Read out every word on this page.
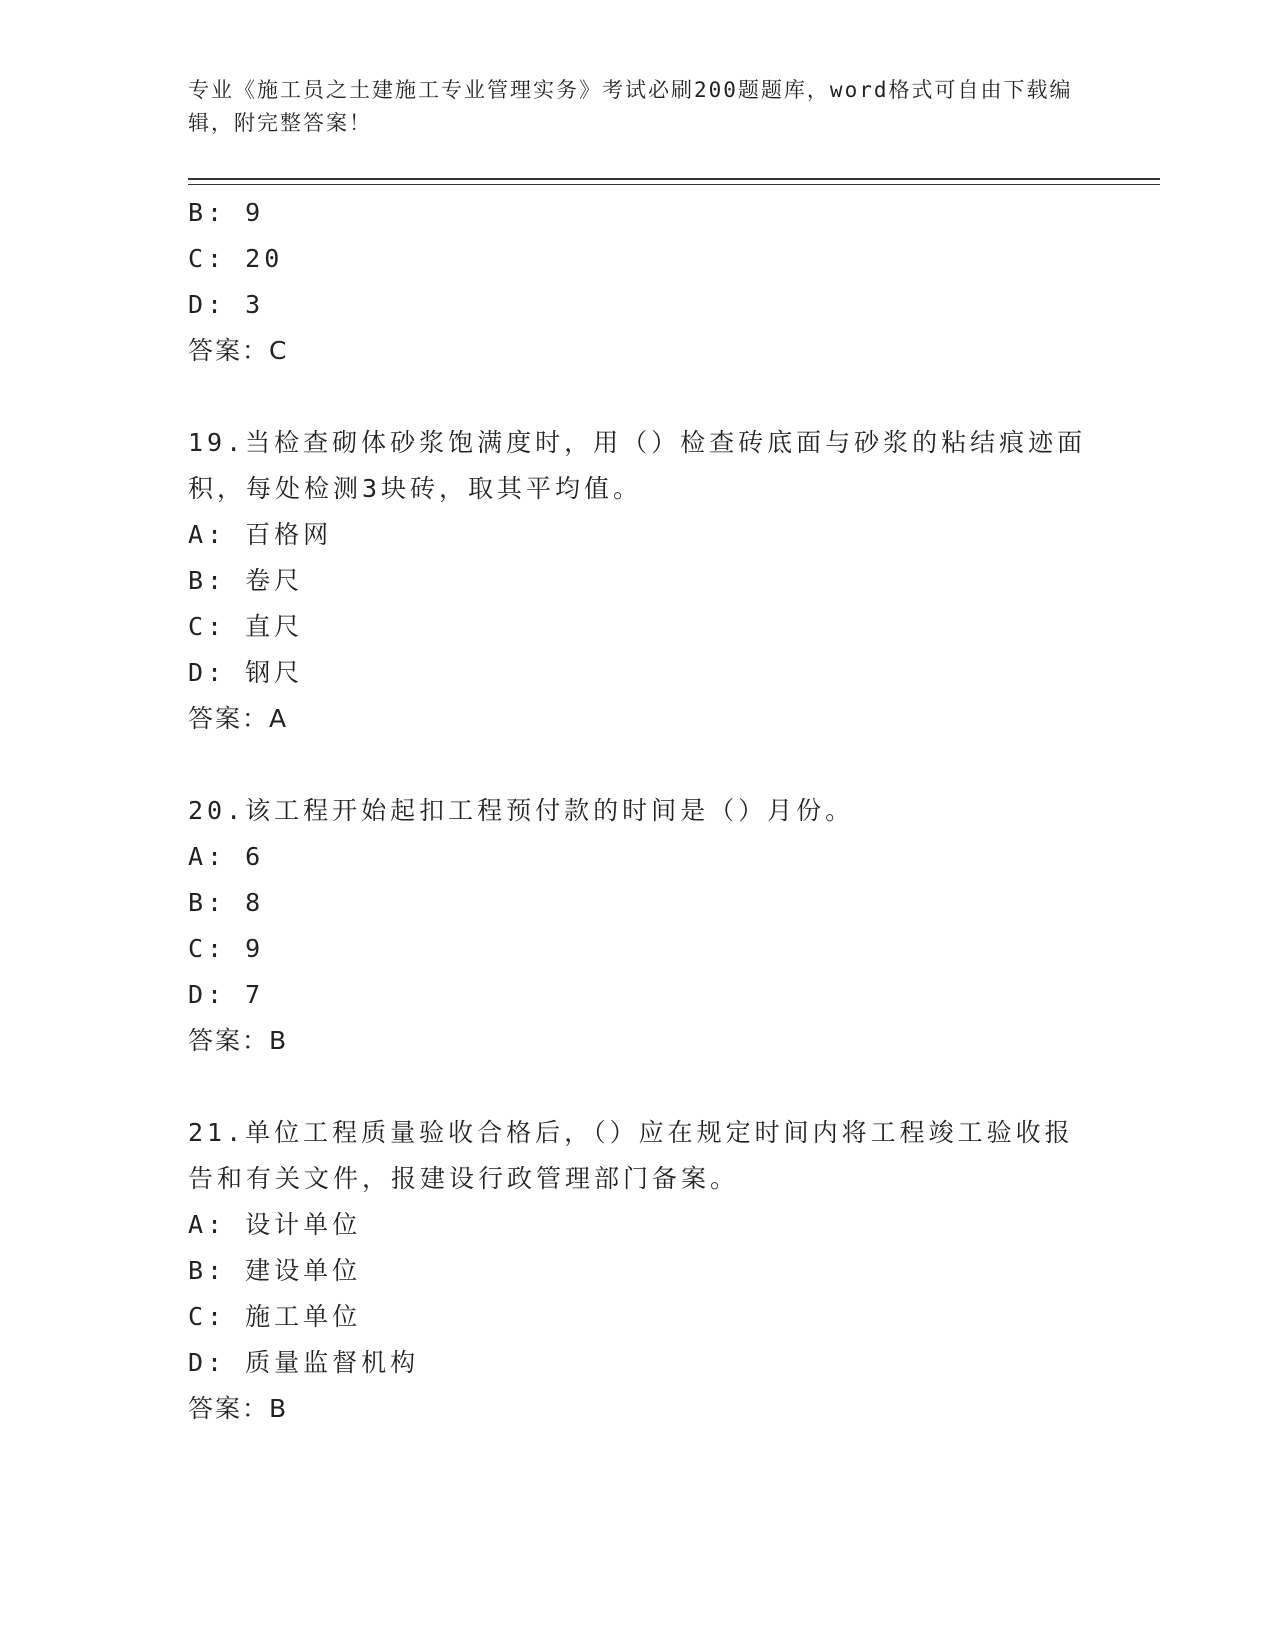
专业《施工员之土建施工专业管理实务》考试必刷200题题库，word格式可自由下载编辑，附完整答案！
B: 9
C: 20
D: 3
答案：C
19.当检查砌体砂浆饱满度时，用（）检查砖底面与砂浆的粘结痕迹面积，每处检测3块砖，取其平均值。
A: 百格网
B: 卷尺
C: 直尺
D: 钢尺
答案：A
20.该工程开始起扣工程预付款的时间是（）月份。
A: 6
B: 8
C: 9
D: 7
答案：B
21.单位工程质量验收合格后，（）应在规定时间内将工程竣工验收报告和有关文件，报建设行政管理部门备案。
A: 设计单位
B: 建设单位
C: 施工单位
D: 质量监督机构
答案：B
